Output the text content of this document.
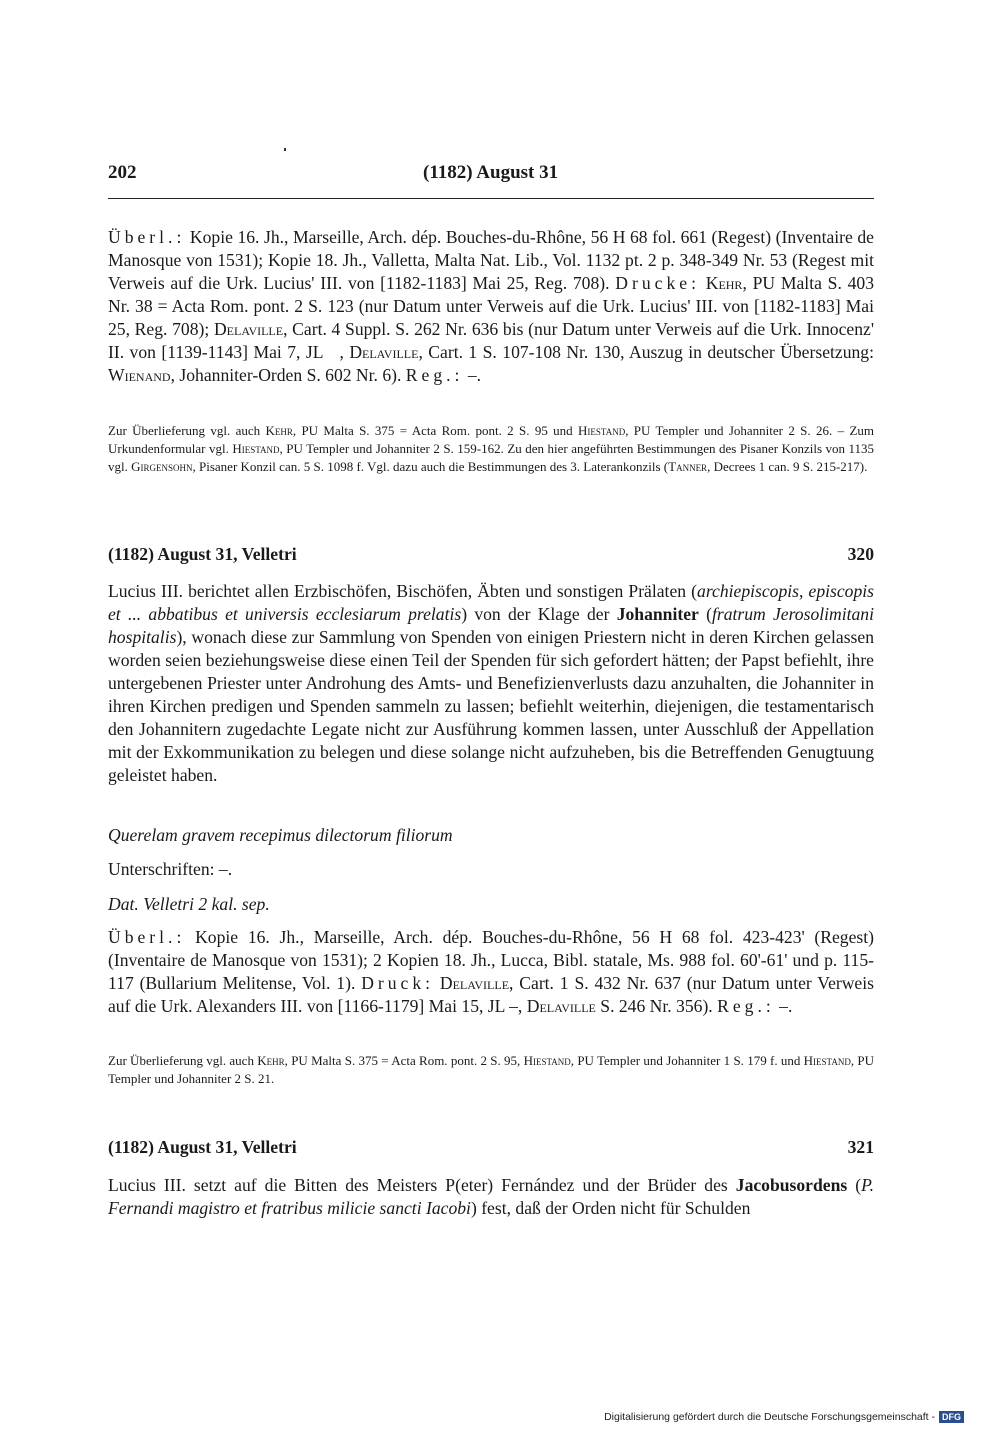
202	(1182) August 31

Überl.: Kopie 16. Jh., Marseille, Arch. dép. Bouches-du-Rhône, 56 H 68 fol. 661 (Regest) (Inventaire de Manosque von 1531); Kopie 18. Jh., Valletta, Malta Nat. Lib., Vol. 1132 pt. 2 p. 348-349 Nr. 53 (Regest mit Verweis auf die Urk. Lucius' III. von [1182-1183] Mai 25, Reg. 708). Drucke: Kehr, PU Malta S. 403 Nr. 38 = Acta Rom. pont. 2 S. 123 (nur Datum unter Verweis auf die Urk. Lucius' III. von [1182-1183] Mai 25, Reg. 708); Delaville, Cart. 4 Suppl. S. 262 Nr. 636 bis (nur Datum unter Verweis auf die Urk. Innocenz' II. von [1139-1143] Mai 7, JL , Delaville, Cart. 1 S. 107-108 Nr. 130, Auszug in deutscher Übersetzung: Wienand, Johanniter-Orden S. 602 Nr. 6). Reg.: –.

Zur Überlieferung vgl. auch Kehr, PU Malta S. 375 = Acta Rom. pont. 2 S. 95 und Hiestand, PU Templer und Johanniter 2 S. 26. – Zum Urkundenformular vgl. Hiestand, PU Templer und Johanniter 2 S. 159-162. Zu den hier angeführten Bestimmungen des Pisaner Konzils von 1135 vgl. Girgensohn, Pisaner Konzil can. 5 S. 1098 f. Vgl. dazu auch die Bestimmungen des 3. Laterankonzils (Tanner, Decrees 1 can. 9 S. 215-217).

(1182) August 31, Velletri	320

Lucius III. berichtet allen Erzbischöfen, Bischöfen, Äbten und sonstigen Prälaten (archiepiscopis, episcopis et ... abbatibus et universis ecclesiarum prelatis) von der Klage der Johanniter (fratrum Jerosolimitani hospitalis), wonach diese zur Sammlung von Spenden von einigen Priestern nicht in deren Kirchen gelassen worden seien beziehungsweise diese einen Teil der Spenden für sich gefordert hätten; der Papst befiehlt, ihre untergebenen Priester unter Androhung des Amts- und Benefizienverlusts dazu anzuhalten, die Johanniter in ihren Kirchen predigen und Spenden sammeln zu lassen; befiehlt weiterhin, diejenigen, die testamentarisch den Johannitern zugedachte Legate nicht zur Ausführung kommen lassen, unter Ausschluß der Appellation mit der Exkommunikation zu belegen und diese solange nicht aufzuheben, bis die Betreffenden Genugtuung geleistet haben.

Querelam gravem recepimus dilectorum filiorum

Unterschriften: –.

Dat. Velletri 2 kal. sep.

Überl.: Kopie 16. Jh., Marseille, Arch. dép. Bouches-du-Rhône, 56 H 68 fol. 423-423' (Regest) (Inventaire de Manosque von 1531); 2 Kopien 18. Jh., Lucca, Bibl. statale, Ms. 988 fol. 60'-61' und p. 115-117 (Bullarium Melitense, Vol. 1). Druck: Delaville, Cart. 1 S. 432 Nr. 637 (nur Datum unter Verweis auf die Urk. Alexanders III. von [1166-1179] Mai 15, JL –, Delaville S. 246 Nr. 356). Reg.: –.

Zur Überlieferung vgl. auch Kehr, PU Malta S. 375 = Acta Rom. pont. 2 S. 95, Hiestand, PU Templer und Johanniter 1 S. 179 f. und Hiestand, PU Templer und Johanniter 2 S. 21.

(1182) August 31, Velletri	321

Lucius III. setzt auf die Bitten des Meisters P(eter) Fernández und der Brüder des Jacobusordens (P. Fernandi magistro et fratribus milicie sancti Iacobi) fest, daß der Orden nicht für Schulden

Digitalisierung gefördert durch die Deutsche Forschungsgemeinschaft - DFG
